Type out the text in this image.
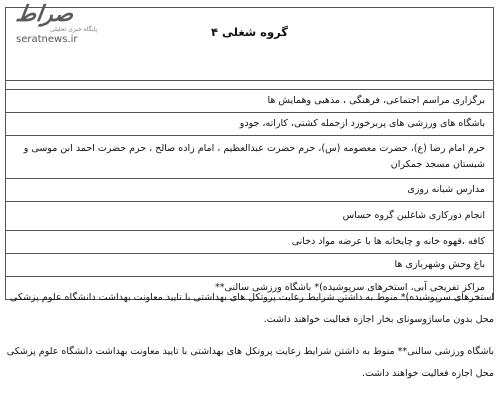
صراط
پایگاه خبری تحلیلی
seratnews.ir
گروه شغلی ۴

برگزاری مراسم اجتماعی، فرهنگی ، مذهبی وهمایش ها
باشگاه های ورزشی های پربرخورد ازجمله کشتی، کاراته، جودو
حرم امام رضا (ع)، حضرت معصومه (س)، حرم حضرت عبدالعظیم ، امام زاده صالح ، حرم حضرت احمد ابن موسی و شبستان مسجد جمکران
مدارس شبانه روزی
انجام دورکاری شاغلین گروه حساس
کافه ،قهوه خانه و چایخانه ها با عرضه مواد دخانی
باغ وحش وشهربازی ها
مراکز تفریحی آبی، استخرهای سرپوشیده)* باشگاه ورزشی سالنی**

استخرهای سرپوشیده)* منوط به داشتن شرایط رعایت پروتکل های بهداشتی با تایید معاونت بهداشت دانشگاه علوم پزشکی محل بدون ماساژوسونای بخار اجازه فعالیت خواهند داشت.

باشگاه ورزشی سالنی** منوط به داشتن شرایط رعایت پروتکل های بهداشتی با تایید معاونت بهداشت دانشگاه علوم پزشکی محل اجازه فعالیت خواهند داشت.
